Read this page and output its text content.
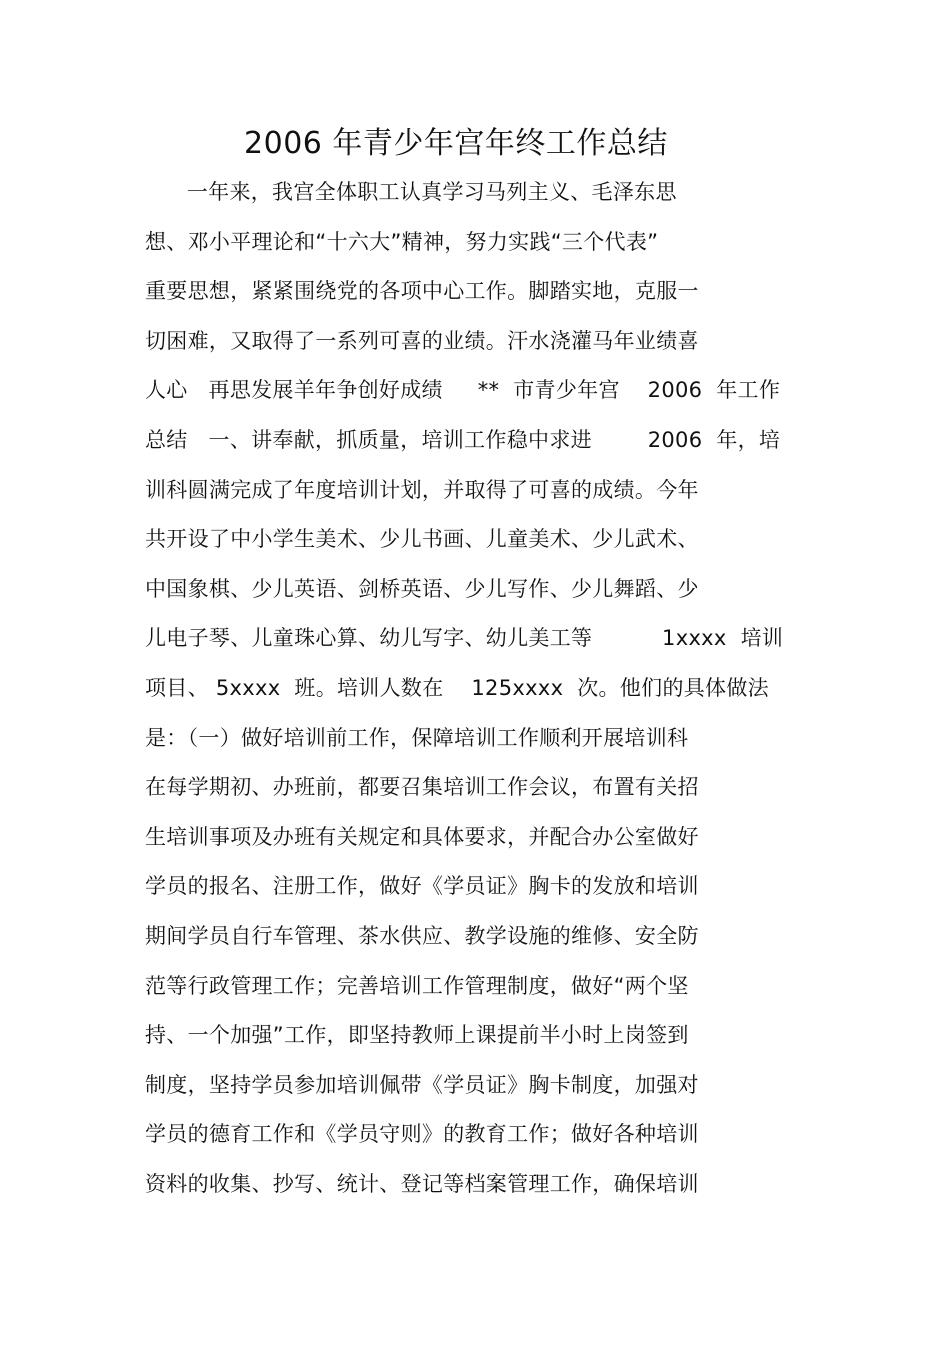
2006 年青少年宫年终工作总结
一年来，我宫全体职工认真学习马列主义、毛泽东思
想、邓小平理论和“十六大”精神，努力实践“三个代表”
重要思想，紧紧围绕党的各项中心工作。脚踏实地，克服一
切困难，又取得了一系列可喜的业绩。汗水浇灌马年业绩喜
人心   再思发展羊年争创好成绩     **  市青少年宫    2006  年工作
总结   一、讲奉献，抓质量，培训工作稳中求进        2006  年，培
训科圆满完成了年度培训计划，并取得了可喜的成绩。今年
共开设了中小学生美术、少儿书画、儿童美术、少儿武术、
中国象棋、少儿英语、剑桥英语、少儿写作、少儿舞蹈、少
儿电子琴、儿童珠心算、幼儿写字、幼儿美工等          1xxxx  培训
项目、 5xxxx  班。培训人数在    125xxxx  次。他们的具体做法
是：（一）做好培训前工作，保障培训工作顺利开展培训科
在每学期初、办班前，都要召集培训工作会议，布置有关招
生培训事项及办班有关规定和具体要求，并配合办公室做好
学员的报名、注册工作，做好《学员证》胸卡的发放和培训
期间学员自行车管理、茶水供应、教学设施的维修、安全防
范等行政管理工作；完善培训工作管理制度，做好“两个坚
持、一个加强”工作，即坚持教师上课提前半小时上岗签到
制度，坚持学员参加培训佩带《学员证》胸卡制度，加强对
学员的德育工作和《学员守则》的教育工作；做好各种培训
资料的收集、抄写、统计、登记等档案管理工作，确保培训
